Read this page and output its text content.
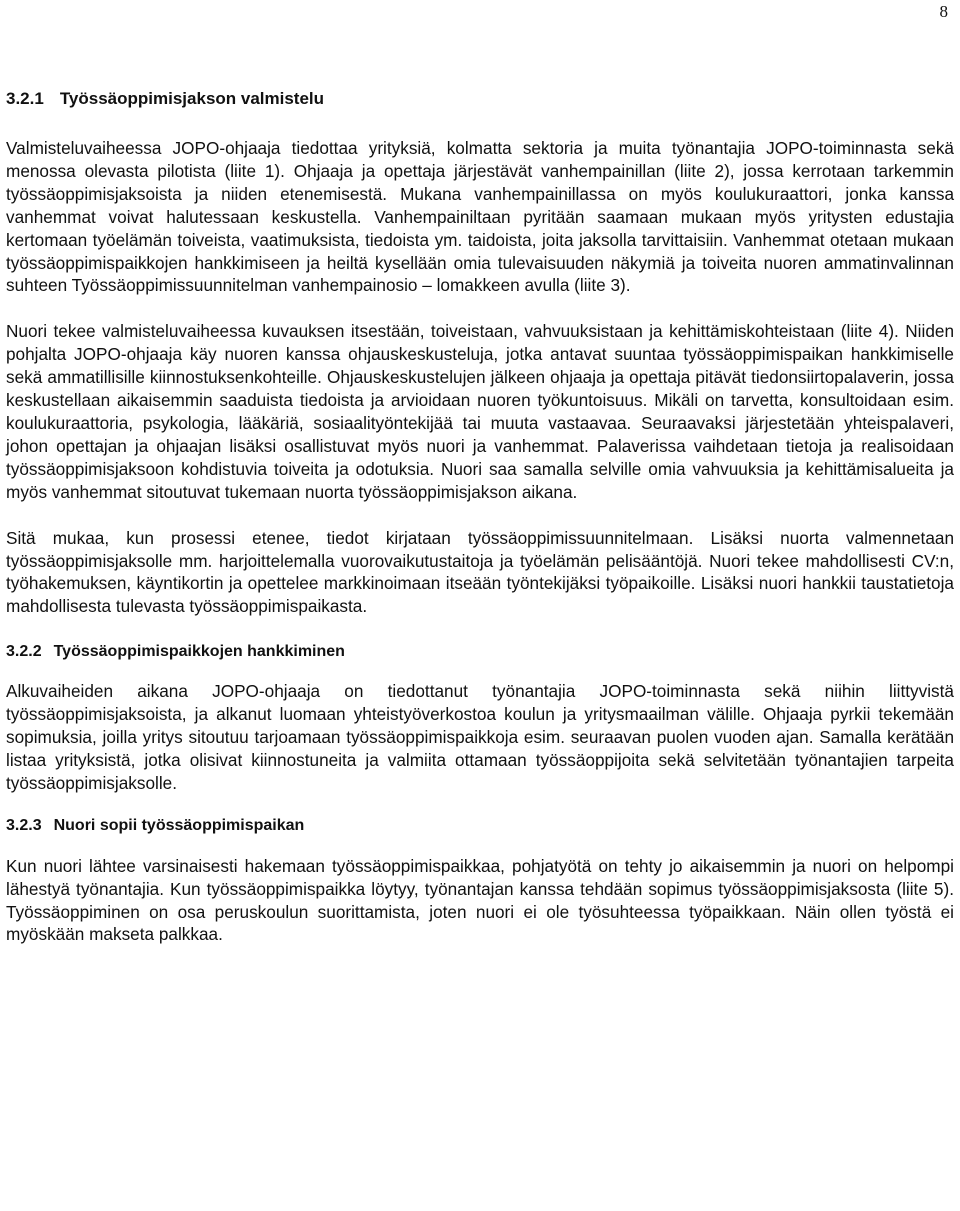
8
3.2.1 Työssäoppimisjakson valmistelu

Valmisteluvaiheessa JOPO-ohjaaja tiedottaa yrityksiä, kolmatta sektoria ja muita työnantajia JOPO-toiminnasta sekä menossa olevasta pilotista (liite 1). Ohjaaja ja opettaja järjestävät vanhempainillan (liite 2), jossa kerrotaan tarkemmin työssäoppimisjaksoista ja niiden etenemisestä. Mukana vanhempainillassa on myös koulukuraattori, jonka kanssa vanhemmat voivat halutessaan keskustella. Vanhempainiltaan pyritään saamaan mukaan myös yritysten edustajia kertomaan työelämän toiveista, vaatimuksista, tiedoista ym. taidoista, joita jaksolla tarvittaisiin. Vanhemmat otetaan mukaan työssäoppimispaikkojen hankkimiseen ja heiltä kysellään omia tulevaisuuden näkymiä ja toiveita nuoren ammatinvalinnan suhteen Työssäoppimissuunnitelman vanhempainosio – lomakkeen avulla (liite 3).

Nuori tekee valmisteluvaiheessa kuvauksen itsestään, toiveistaan, vahvuuksistaan ja kehittämiskohteistaan (liite 4). Niiden pohjalta JOPO-ohjaaja käy nuoren kanssa ohjauskeskusteluja, jotka antavat suuntaa työssäoppimispaikan hankkimiselle sekä ammatillisille kiinnostuksenkohteille. Ohjauskeskustelujen jälkeen ohjaaja ja opettaja pitävät tiedonsiirtopalaverin, jossa keskustellaan aikaisemmin saaduista tiedoista ja arvioidaan nuoren työkuntoisuus. Mikäli on tarvetta, konsultoidaan esim. koulukuraattoria, psykologia, lääkäriä, sosiaalityöntekijää tai muuta vastaavaa. Seuraavaksi järjestetään yhteispalaveri, johon opettajan ja ohjaajan lisäksi osallistuvat myös nuori ja vanhemmat. Palaverissa vaihdetaan tietoja ja realisoidaan työssäoppimisjaksoon kohdistuvia toiveita ja odotuksia. Nuori saa samalla selville omia vahvuuksia ja kehittämisalueita ja myös vanhemmat sitoutuvat tukemaan nuorta työssäoppimisjakson aikana.

Sitä mukaa, kun prosessi etenee, tiedot kirjataan työssäoppimissuunnitelmaan. Lisäksi nuorta valmennetaan työssäoppimisjaksolle mm. harjoittelemalla vuorovaikutustaitoja ja työelämän pelisääntöjä. Nuori tekee mahdollisesti CV:n, työhakemuksen, käyntikortin ja opettelee markkinoimaan itseään työntekijäksi työpaikoille. Lisäksi nuori hankkii taustatietoja mahdollisesta tulevasta työssäoppimispaikasta.

3.2.2 Työssäoppimispaikkojen hankkiminen

Alkuvaiheiden aikana JOPO-ohjaaja on tiedottanut työnantajia JOPO-toiminnasta sekä niihin liittyvistä työssäoppimisjaksoista, ja alkanut luomaan yhteistyöverkostoa koulun ja yritysmaailman välille. Ohjaaja pyrkii tekemään sopimuksia, joilla yritys sitoutuu tarjoamaan työssäoppimispaikkoja esim. seuraavan puolen vuoden ajan. Samalla kerätään listaa yrityksistä, jotka olisivat kiinnostuneita ja valmiita ottamaan työssäoppijoita sekä selvitetään työnantajien tarpeita työssäoppimisjaksolle.

3.2.3 Nuori sopii työssäoppimispaikan

Kun nuori lähtee varsinaisesti hakemaan työssäoppimispaikkaa, pohjatyötä on tehty jo aikaisemmin ja nuori on helpompi lähestyä työnantajia. Kun työssäoppimispaikka löytyy, työnantajan kanssa tehdään sopimus työssäoppimisjaksosta (liite 5). Työssäoppiminen on osa peruskoulun suorittamista, joten nuori ei ole työsuhteessa työpaikkaan. Näin ollen työstä ei myöskään makseta palkkaa.
